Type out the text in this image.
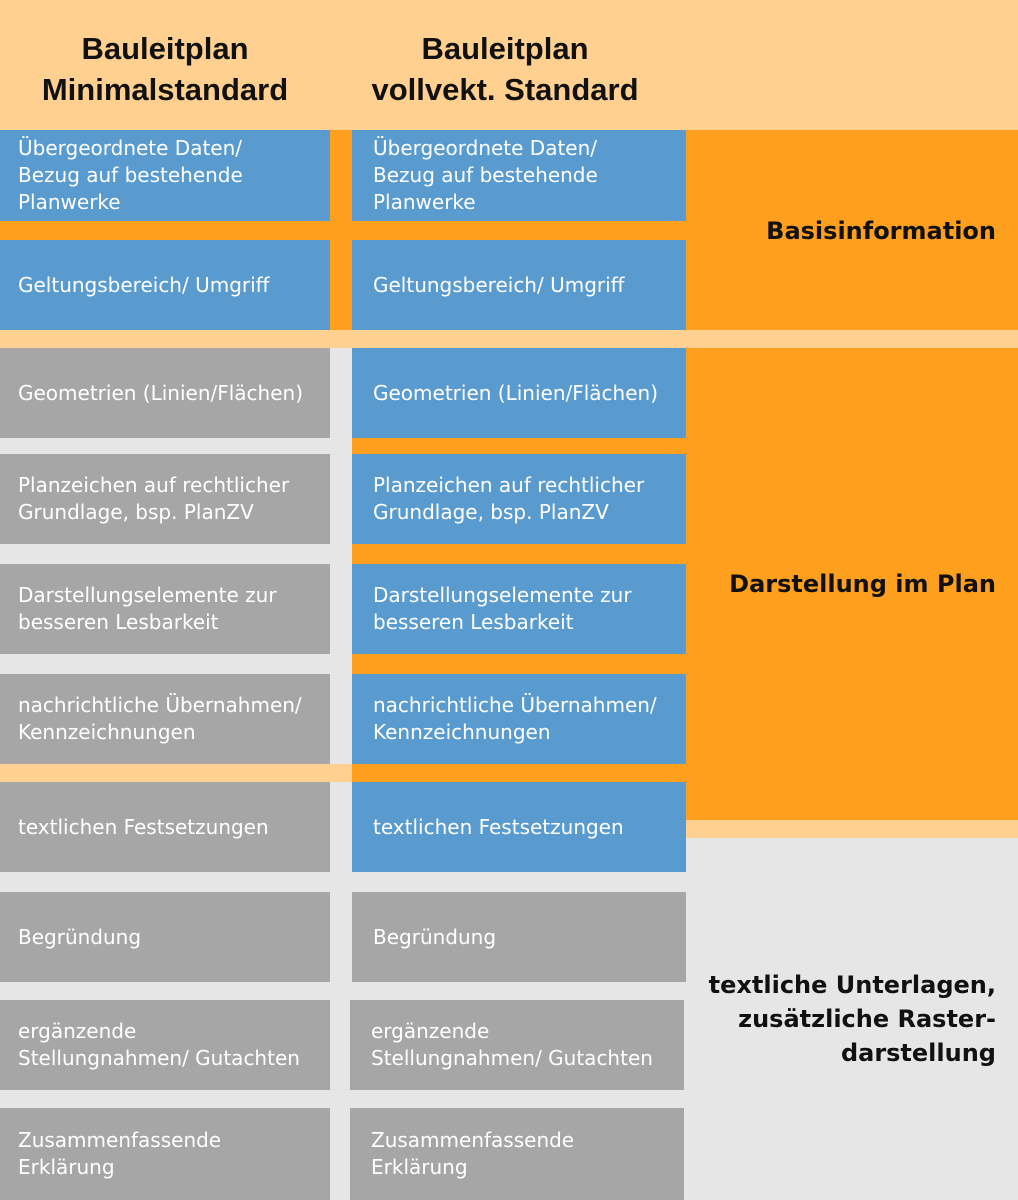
Bauleitplan
Minimalstandard
Bauleitplan
vollvekt. Standard
Übergeordnete Daten/
Bezug auf bestehende
Planwerke
Geltungsbereich/ Umgriff
Geometrien (Linien/Flächen)
Planzeichen auf rechtlicher
Grundlage, bsp. PlanZV
Darstellungselemente zur
besseren Lesbarkeit
nachrichtliche Übernahmen/
Kennzeichnungen
textlichen Festsetzungen
Begründung
ergänzende
Stellungnahmen/ Gutachten
Zusammenfassende
Erklärung
Übergeordnete Daten/
Bezug auf bestehende
Planwerke
Geltungsbereich/ Umgriff
Geometrien (Linien/Flächen)
Planzeichen auf rechtlicher
Grundlage, bsp. PlanZV
Darstellungselemente zur
besseren Lesbarkeit
nachrichtliche Übernahmen/
Kennzeichnungen
textlichen Festsetzungen
Begründung
ergänzende
Stellungnahmen/ Gutachten
Zusammenfassende
Erklärung
Basisinformation
Darstellung im Plan
textliche Unterlagen,
zusätzliche Raster-
darstellung
